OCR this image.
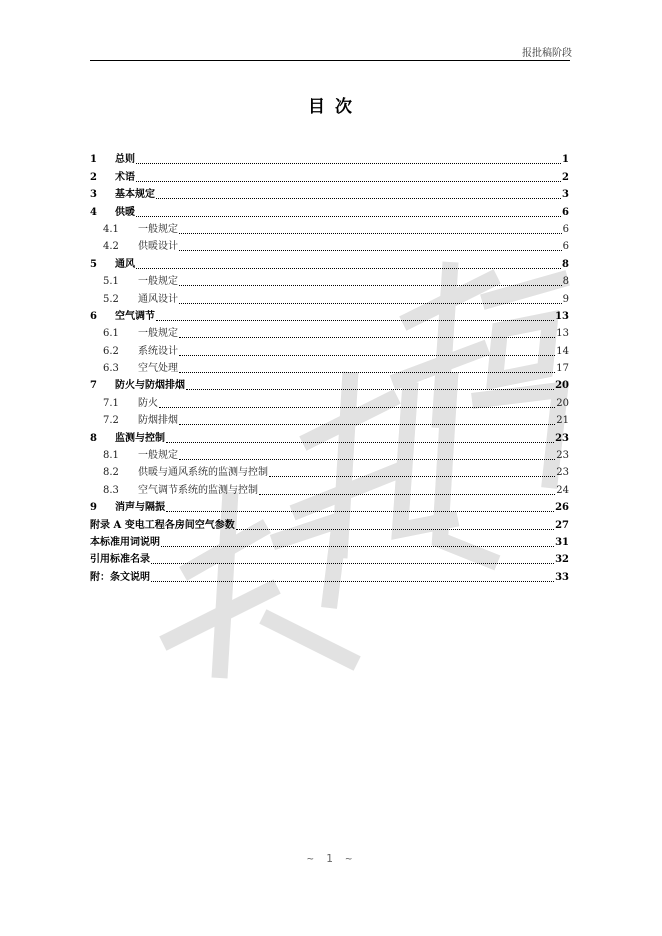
报批稿阶段
目 次
1	总则	1
2	术语	2
3	基本规定	3
4	供暖	6
4.1	一般规定	6
4.2	供暖设计	6
5	通风	8
5.1	一般规定	8
5.2	通风设计	9
6	空气调节	13
6.1	一般规定	13
6.2	系统设计	14
6.3	空气处理	17
7	防火与防烟排烟	20
7.1	防火	20
7.2	防烟排烟	21
8	监测与控制	23
8.1	一般规定	23
8.2	供暖与通风系统的监测与控制	23
8.3	空气调节系统的监测与控制	24
9	消声与隔振	26
附录 A 变电工程各房间空气参数	27
本标准用词说明	31
引用标准名录	32
附：条文说明	33
~ 1 ~
